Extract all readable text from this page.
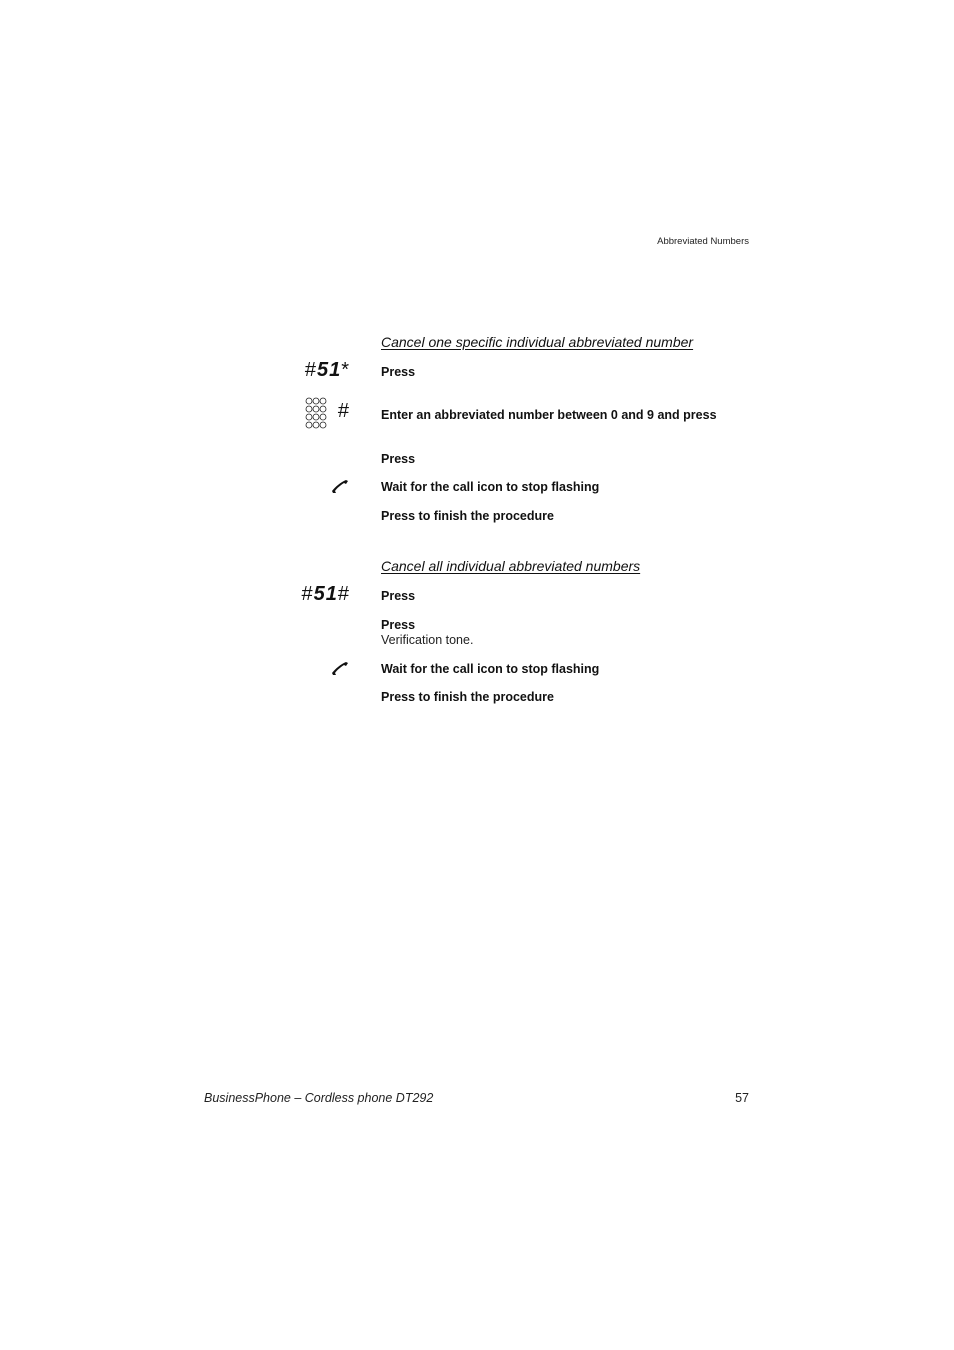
Abbreviated Numbers
Cancel one specific individual abbreviated number
#51* Press
# Enter an abbreviated number between 0 and 9 and press
Press
Wait for the call icon to stop flashing
Press to finish the procedure
Cancel all individual abbreviated numbers
#51# Press
Press
Verification tone.
Wait for the call icon to stop flashing
Press to finish the procedure
BusinessPhone – Cordless phone DT292	57
